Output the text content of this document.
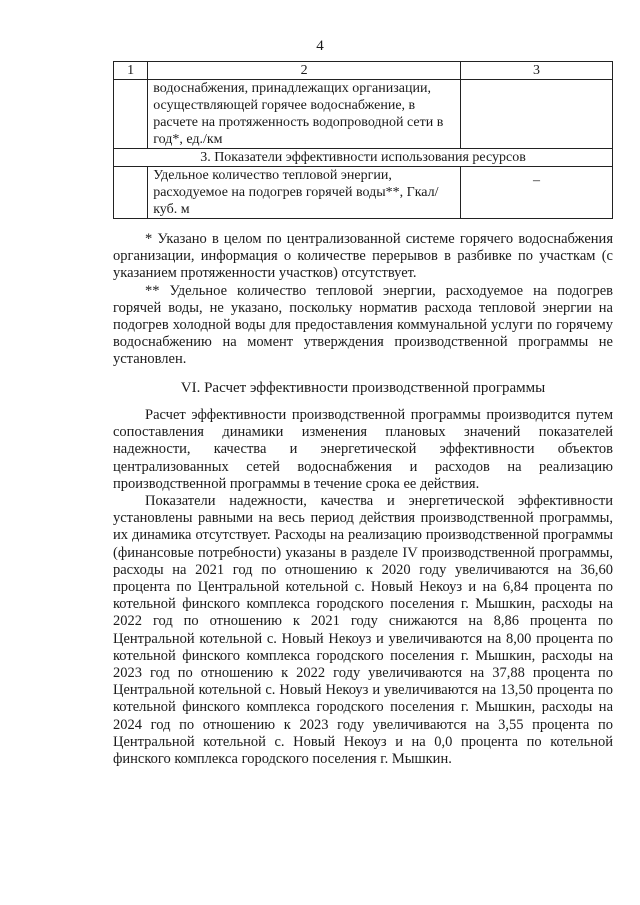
4
1	2	3
	водоснабжения, принадлежащих организации, осуществляющей горячее водоснабжение, в расчете на протяженность водопроводной сети в год*, ед./км	
3. Показатели эффективности использования ресурсов		
	Удельное количество тепловой энергии, расходуемое на подогрев горячей воды**, Гкал/ куб. м	–

* Указано в целом по централизованной системе горячего водоснабжения организации, информация о количестве перерывов в разбивке по участкам (с указанием протяженности участков) отсутствует.

** Удельное количество тепловой энергии, расходуемое на подогрев горячей воды, не указано, поскольку норматив расхода тепловой энергии на подогрев холодной воды для предоставления коммунальной услуги по горячему водоснабжению на момент утверждения производственной программы не установлен.

VI. Расчет эффективности производственной программы

Расчет эффективности производственной программы производится путем сопоставления динамики изменения плановых значений показателей надежности, качества и энергетической эффективности объектов централизованных сетей водоснабжения и расходов на реализацию производственной программы в течение срока ее действия.

Показатели надежности, качества и энергетической эффективности установлены равными на весь период действия производственной программы, их динамика отсутствует. Расходы на реализацию производственной программы (финансовые потребности) указаны в разделе IV производственной программы, расходы на 2021 год по отношению к 2020 году увеличиваются на 36,60 процента по Центральной котельной с. Новый Некоуз и на 6,84 процента по котельной финского комплекса городского поселения г. Мышкин, расходы на 2022 год по отношению к 2021 году снижаются на 8,86 процента по Центральной котельной с. Новый Некоуз и увеличиваются на 8,00 процента по котельной финского комплекса городского поселения г. Мышкин, расходы на 2023 год по отношению к 2022 году увеличиваются на 37,88 процента по Центральной котельной с. Новый Некоуз и увеличиваются на 13,50 процента по котельной финского комплекса городского поселения г. Мышкин, расходы на 2024 год по отношению к 2023 году увеличиваются на 3,55 процента по Центральной котельной с. Новый Некоуз и на 0,0 процента по котельной финского комплекса городского поселения г. Мышкин.
